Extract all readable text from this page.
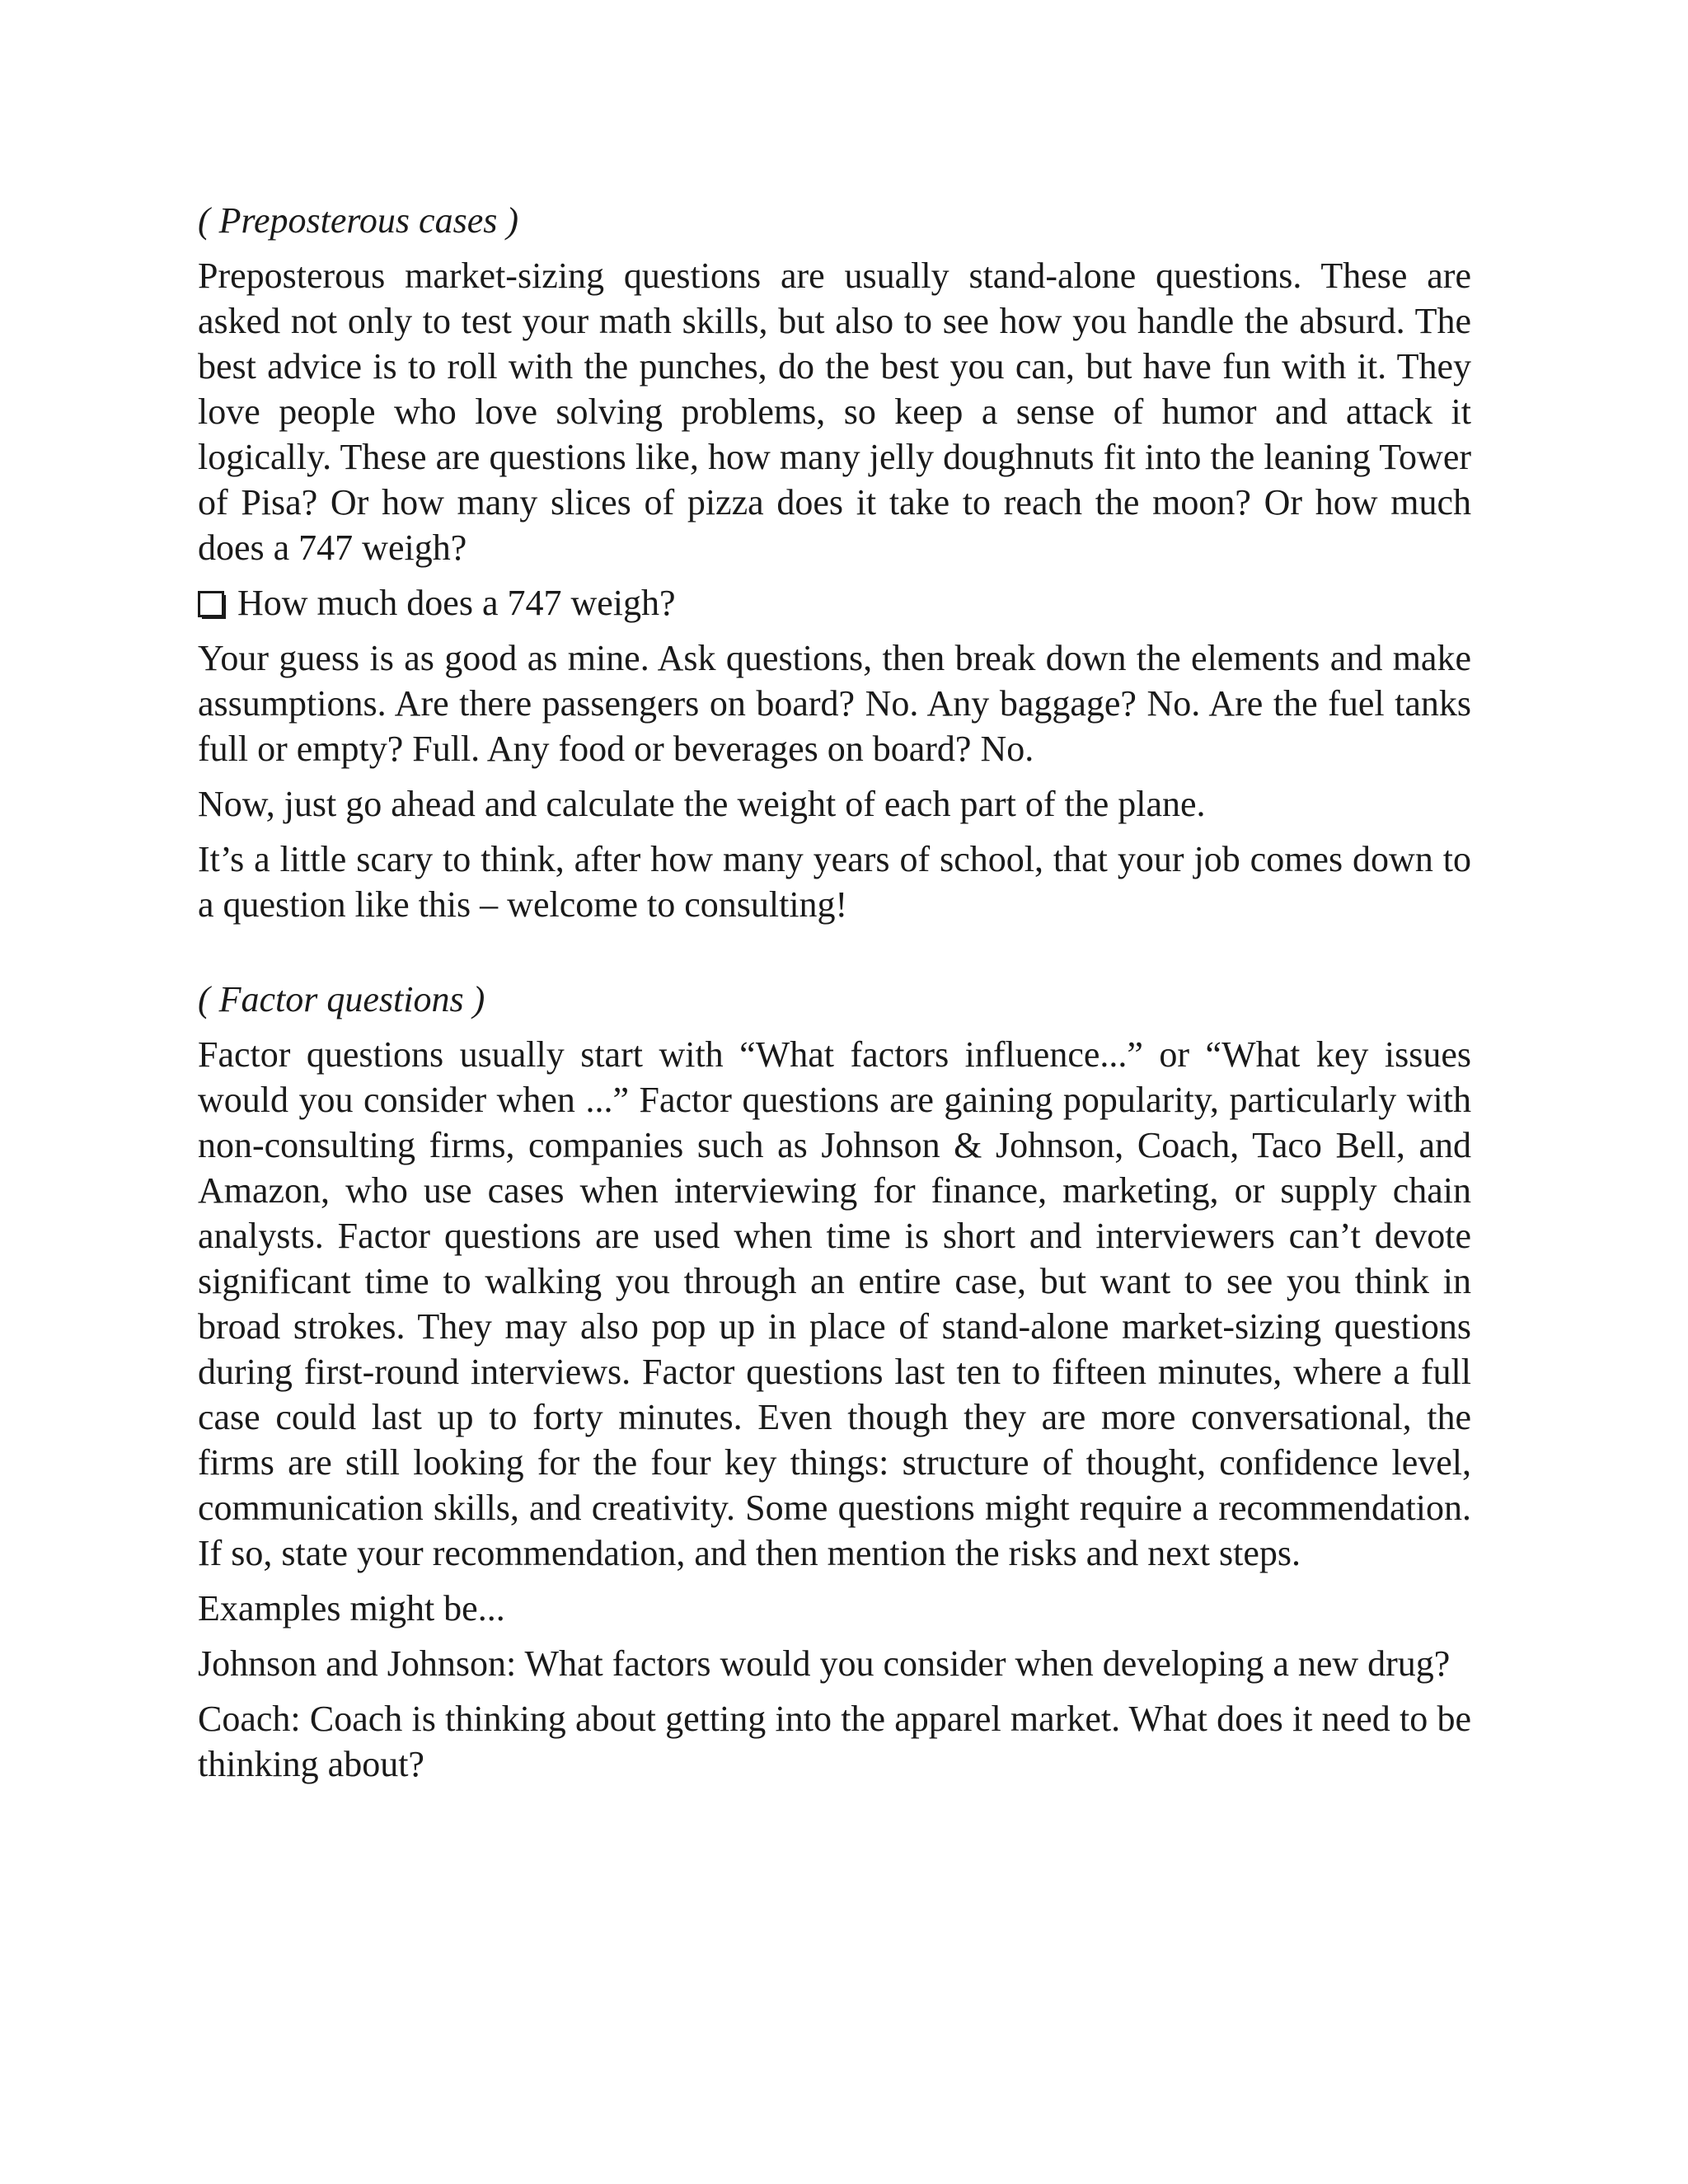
( Preposterous cases )

Preposterous market-sizing questions are usually stand-alone questions. These are asked not only to test your math skills, but also to see how you handle the absurd. The best advice is to roll with the punches, do the best you can, but have fun with it. They love people who love solving problems, so keep a sense of humor and attack it logically. These are questions like, how many jelly doughnuts fit into the leaning Tower of Pisa? Or how many slices of pizza does it take to reach the moon? Or how much does a 747 weigh?

How much does a 747 weigh?

Your guess is as good as mine. Ask questions, then break down the elements and make assumptions. Are there passengers on board? No. Any baggage? No. Are the fuel tanks full or empty? Full. Any food or beverages on board? No.

Now, just go ahead and calculate the weight of each part of the plane.

It’s a little scary to think, after how many years of school, that your job comes down to a question like this – welcome to consulting!

( Factor questions )

Factor questions usually start with “What factors influence...” or “What key issues would you consider when ...” Factor questions are gaining popularity, particularly with non-consulting firms, companies such as Johnson & Johnson, Coach, Taco Bell, and Amazon, who use cases when interviewing for finance, marketing, or supply chain analysts. Factor questions are used when time is short and interviewers can’t devote significant time to walking you through an entire case, but want to see you think in broad strokes. They may also pop up in place of stand-alone market-sizing questions during first-round interviews. Factor questions last ten to fifteen minutes, where a full case could last up to forty minutes. Even though they are more conversational, the firms are still looking for the four key things: structure of thought, confidence level, communication skills, and creativity. Some questions might require a recommendation. If so, state your recommendation, and then mention the risks and next steps.

Examples might be...

Johnson and Johnson: What factors would you consider when developing a new drug?

Coach: Coach is thinking about getting into the apparel market. What does it need to be thinking about?
